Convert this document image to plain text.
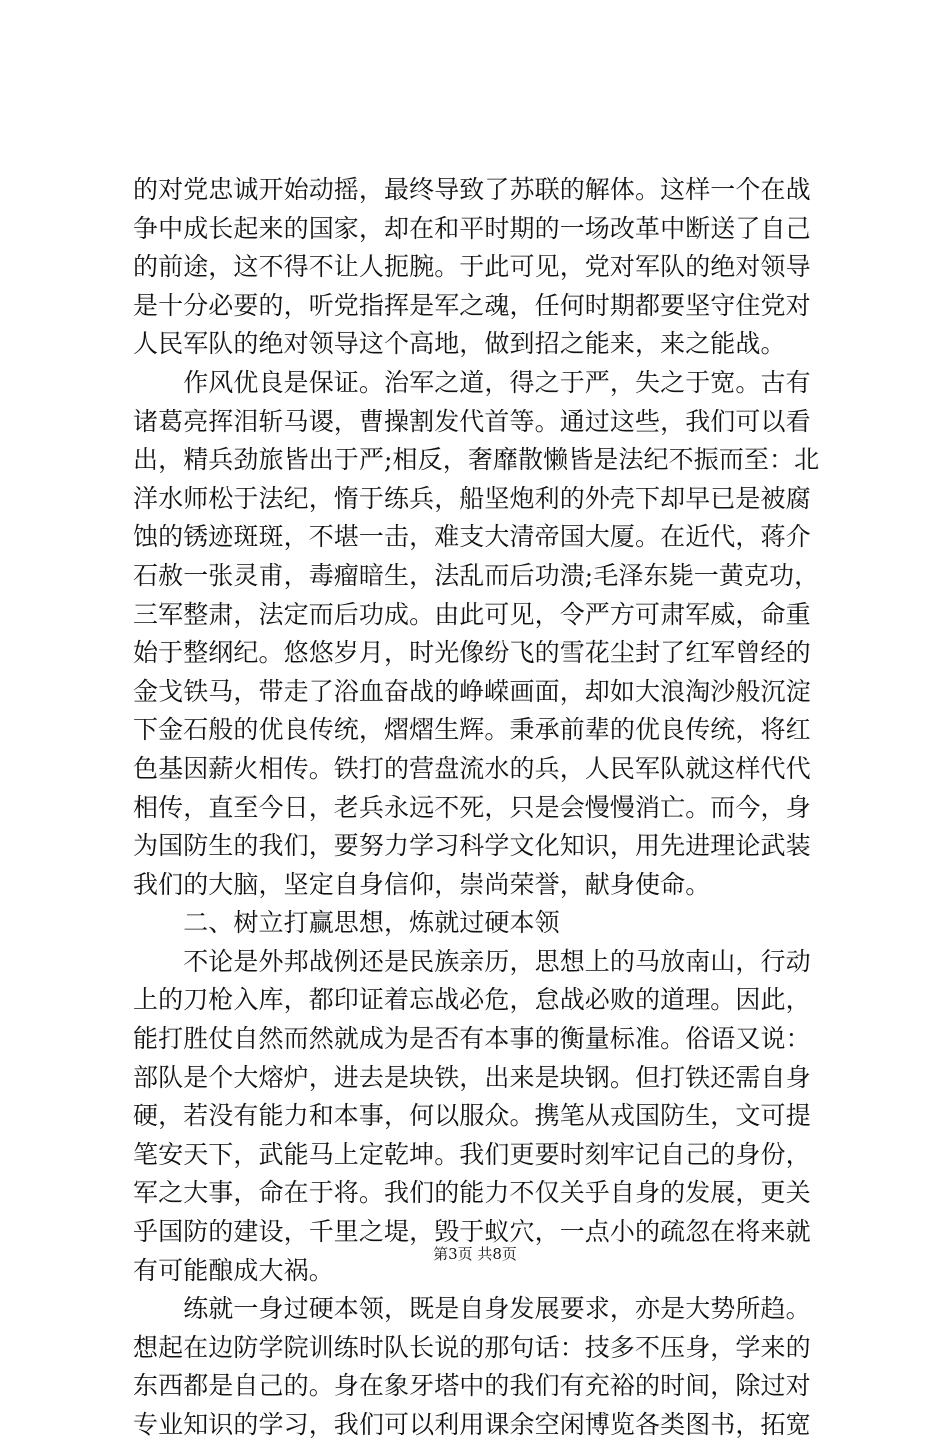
的对党忠诚开始动摇，最终导致了苏联的解体。这样一个在战
争中成长起来的国家，却在和平时期的一场改革中断送了自己
的前途，这不得不让人扼腕。于此可见，党对军队的绝对领导
是十分必要的，听党指挥是军之魂，任何时期都要坚守住党对
人民军队的绝对领导这个高地，做到招之能来，来之能战。
　　作风优良是保证。治军之道，得之于严，失之于宽。古有
诸葛亮挥泪斩马谡，曹操割发代首等。通过这些，我们可以看
出，精兵劲旅皆出于严;相反，奢靡散懒皆是法纪不振而至：北
洋水师松于法纪，惰于练兵，船坚炮利的外壳下却早已是被腐
蚀的锈迹斑斑，不堪一击，难支大清帝国大厦。在近代，蒋介
石赦一张灵甫，毒瘤暗生，法乱而后功溃;毛泽东毙一黄克功，
三军整肃，法定而后功成。由此可见，令严方可肃军威，命重
始于整纲纪。悠悠岁月，时光像纷飞的雪花尘封了红军曾经的
金戈铁马，带走了浴血奋战的峥嵘画面，却如大浪淘沙般沉淀
下金石般的优良传统，熠熠生辉。秉承前辈的优良传统，将红
色基因薪火相传。铁打的营盘流水的兵，人民军队就这样代代
相传，直至今日，老兵永远不死，只是会慢慢消亡。而今，身
为国防生的我们，要努力学习科学文化知识，用先进理论武装
我们的大脑，坚定自身信仰，崇尚荣誉，献身使命。
　　二、树立打赢思想，炼就过硬本领
　　不论是外邦战例还是民族亲历，思想上的马放南山，行动
上的刀枪入库，都印证着忘战必危，怠战必败的道理。因此，
能打胜仗自然而然就成为是否有本事的衡量标准。俗语又说：
部队是个大熔炉，进去是块铁，出来是块钢。但打铁还需自身
硬，若没有能力和本事，何以服众。携笔从戎国防生，文可提
笔安天下，武能马上定乾坤。我们更要时刻牢记自己的身份，
军之大事，命在于将。我们的能力不仅关乎自身的发展，更关
乎国防的建设，千里之堤，毁于蚁穴，一点小的疏忽在将来就
有可能酿成大祸。
　　练就一身过硬本领，既是自身发展要求，亦是大势所趋。
想起在边防学院训练时队长说的那句话：技多不压身，学来的
东西都是自己的。身在象牙塔中的我们有充裕的时间，除过对
专业知识的学习，我们可以利用课余空闲博览各类图书，拓宽
第3页 共8页
